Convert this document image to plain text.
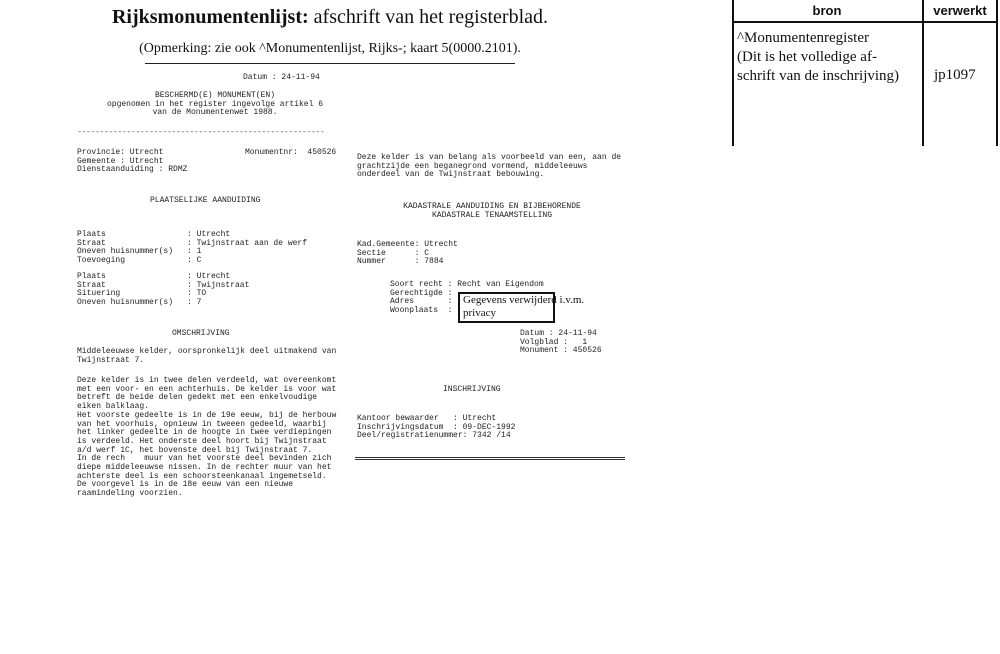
Rijksmonumentenlijst: afschrift van het registerblad.
(Opmerking: zie ook ^Monumentenlijst, Rijks-; kaart 5(0000.2101).
bron	verwerkt
^Monumentenregister
(Dit is het volledige af-
schrift van de inschrijving)	jp1097
Datum : 24-11-94
BESCHERMD(E) MONUMENT(EN)
opgenomen in het register ingevolge artikel 6
van de Monumentenwet 1988.
-------------------------------------------------------
Provincie: Utrecht
Gemeente : Utrecht
Dienstaanduiding : RDMZ
Monumentnr:  450526
PLAATSELIJKE AANDUIDING
Plaats	: Utrecht
Straat	: Twijnstraat aan de werf
Oneven huisnummer(s)	: 1
Toevoeging	: C
Plaats	: Utrecht
Straat	: Twijnstraat
Situering	: TO
Oneven huisnummer(s)	: 7
OMSCHRIJVING
Middeleeuwse kelder, oorspronkelijk deel uitmakend van
Twijnstraat 7.
Deze kelder is in twee delen verdeeld, wat overeenkomt
met een voor- en een achterhuis. De kelder is voor wat
betreft de beide delen gedekt met een enkelvoudige
eiken balklaag.
Het voorste gedeelte is in de 19e eeuw, bij de herbouw
van het voorhuis, opnieuw in tweeen gedeeld, waarbij
het linker gedeelte in de hoogte in twee verdiepingen
is verdeeld. Het onderste deel hoort bij Twijnstraat
a/d werf 1C, het bovenste deel bij Twijnstraat 7.
In de rech    muur van het voorste deel bevinden zich
diepe middeleeuwse nissen. In de rechter muur van het
achterste deel is een schoorsteenkanaal ingemetseld.
De voorgevel is in de 18e eeuw van een nieuwe
raamindeling voorzien.
Deze kelder is van belang als voorbeeld van een, aan de
grachtzijde een beganegrond vormend, middeleeuws
onderdeel van de Twijnstraat bebouwing.
KADASTRALE AANDUIDING EN BIJBEHORENDE
KADASTRALE TENAAMSTELLING
Kad.Gemeente: Utrecht
Sectie      : C
Nummer      : 7884
Soort recht : Recht van Eigendom
Gerechtigde :
Adres       :
Woonplaats  :
Gegevens verwijderd i.v.m.
privacy
Datum : 24-11-94
Volgblad :   1
Monument : 450526
INSCHRIJVING
Kantoor bewaarder : Utrecht
Inschrijvingsdatum : 09-DEC-1992
Deel/registratienummer : 7342 /14
